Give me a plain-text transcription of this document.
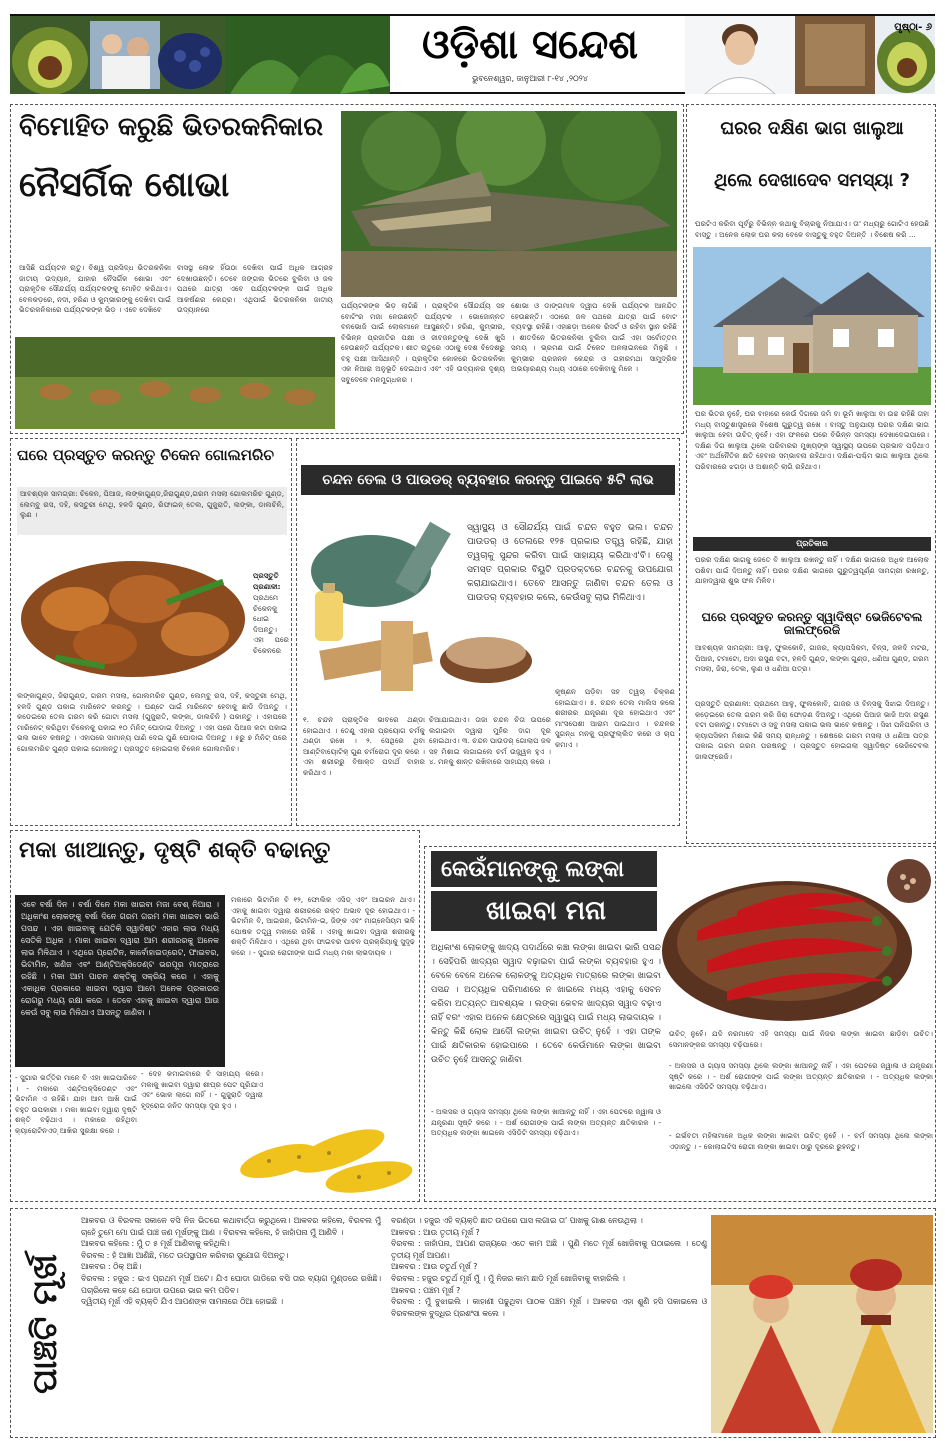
ଓଡ଼ିଶା ସନ୍ଦେଶ
ଭୁବନେଶ୍ୱର, ଜାନୁଆରୀ ୮-୧୪ ,୨୦୨୪
ପୃଷ୍ଠା- ୬
ବିମୋହିତ କରୁଛି ଭିତରକନିକାର
ନୈସର୍ଗିକ ଶୋଭା
ଆସିଛି ପର୍ଯ୍ୟଟନ ଋତୁ। ବିଶ୍ୱ ପ୍ରସିଦ୍ଧ ଭିତରକନିକା ଜାତୀୟ ଉଦ୍ୟାନ, ଯାହାର ନୈସର୍ଗିକ ଶୋଭା ଏବଂ ପ୍ରାକୃତିକ ସୌନ୍ଦର୍ଯ୍ୟ ପର୍ଯ୍ୟଟକଙ୍କୁ ମୋହିତ କରିଥାଏ। ବେଳକଡ଼ରେ, ନଦୀ, ହରିଣ ଓ କୁମ୍ଭୀରଙ୍କୁ ଦେଖିବା ପାଇଁ ଭିତରକନିକାରେ ପର୍ଯ୍ୟଟକଙ୍କ ଭିଡ଼ । ଏବେ ଦେଖିବେ
ବାସସ୍ଥ ଲୋକ ହିଁଉଠା ଦେଖିବା ପାଇଁ ଅଧିକ ଆଗ୍ରହ ଦେଖାଉଛନ୍ତି। ତେବେ ଜଙ୍ଗଲ ଭିତରେ ବୁଲିବା ଓ ଜଳ ପଥରେ ଯାତ୍ରା ଏବେ ପର୍ଯ୍ୟଟକଙ୍କ ପାଇଁ ଅଧିକ ଆକର୍ଷଣର କେନ୍ଦ୍ର। ଏଥିପାଇଁ ଭିତରକନିକା ଜାତୀୟ ଉଦ୍ୟାନରେ	ପର୍ଯ୍ୟଟକଙ୍କ ଭିଡ଼ ଲାଗିଛି । ପ୍ରାକୃତିକ ସୌନ୍ଦର୍ଯ୍ୟ ସହ ବୋଟିଂର ମଜା ନେଉଛନ୍ତି ପର୍ଯ୍ୟଟକ । ଭୋଜୋନ୍ନତ ବନଭୋଜି ପାଇଁ ଲୋକମାନେ ଆସୁଛନ୍ତି। ହରିଣ, କୁମ୍ଭୀର, ବିଭିନ୍ନ ପ୍ରଜାତିର ପକ୍ଷୀ ଓ ଜୀବଜନ୍ତୁଙ୍କୁ ଦେଖି ଖୁସି ହେଉଛନ୍ତି ପର୍ଯ୍ୟଟକ। ଶୀତ ଋତୁରେ ଏଠାକୁ ଦେଶ ବିଦେଶରୁ ବହୁ ପକ୍ଷୀ ଆସିଥାନ୍ତି । ପ୍ରକୃତିର କୋଳରେ ଭିତରକନିକା ଏକ ନିଆରା ଅନୁଭୂତି ଦେଇଥାଏ ଏବଂ ଏହି ଉଦ୍ୟାନର ଦୃଶ୍ୟ ସବୁବେଳେ ମନମୁଗ୍ଧକର ।
ଶୋଭା ଓ ଡାଙ୍ଗମାଳ ଦ୍ୱୀପ ଦେଖି ପର୍ଯ୍ୟଟକ ଆନନ୍ଦିତ ହେଉଛନ୍ତି। ଏଠାରେ ଜଳ ପଥରେ ଯାତ୍ରା ପାଇଁ ବୋଟ ବ୍ୟବସ୍ଥା ରହିଛି। ଏହାଛଡ଼ା ଅନେକ ରିସର୍ଟ ଓ ରହିବା ସ୍ଥାନ ରହିଛି । ଶୀତଦିନେ ଭିତରକନିକା ବୁଲିବା ପାଇଁ ଏହା ସର୍ବୋତ୍ତମ ସମୟ । ଭ୍ରମଣ ପାଇଁ ଟିକେଟ ଅନଲାଇନରେ ମିଳୁଛି । କୁମ୍ଭୀର ପ୍ରଜନନ କେନ୍ଦ୍ର ଓ ଗହୀରମଥା ସାମୁଦ୍ରିକ ଅଭୟାରଣ୍ୟ ମଧ୍ୟ ଏଠାରେ ଦେଖିବାକୁ ମିଳେ ।
ଘରର ଦକ୍ଷିଣ ଭାଗ ଖାଲୁଆ
ଥିଲେ ଦେଖାଦେବ ସମସ୍ୟା ?
ଘରଟିଏ କରିବା ପୂର୍ବରୁ ବିଭିନ୍ନ କଥାକୁ ବିଚାରକୁ ନିଆଯାଏ। ତା' ମଧ୍ୟରୁ ଗୋଟିଏ ହେଉଛି ବାସ୍ତୁ । ଅନେକ ଲୋକ ଘର କଲା ବେଳେ ବାସ୍ତୁକୁ ବହୁତ ଦିଅନ୍ତି । ବିଶେଷ କରି ...
ଘର ଭିତର ନୁହେଁ, ଘର ବାହାରେ କେଉଁ ଦିଗରେ ଜମି ବା ଭୂମି ଖାଲୁଆ ବା ଉଚ୍ଚ ରହିଛି ତାହା ମଧ୍ୟ ବାସ୍ତୁଶାସ୍ତ୍ରରେ ବିଶେଷ ଗୁରୁତ୍ୱ ରଖେ । ବାସ୍ତୁ ଅନୁଯାୟୀ ଘରର ଦକ୍ଷିଣ ଭାଗ ଖାଲୁଆ ହେବା ଉଚିତ୍ ନୁହେଁ। ଏହା ଫଳରେ ଘରେ ବିଭିନ୍ନ ସମସ୍ୟା ଦେଖାଦେଇପାରେ। ଦକ୍ଷିଣ ଦିଗ ଖାଲୁଆ ଥିଲେ ପରିବାରର ମୁଖ୍ୟଙ୍କ ସ୍ୱାସ୍ଥ୍ୟ ଉପରେ ପ୍ରଭାବ ପଡ଼ିଥାଏ ଏବଂ ଅର୍ଥନୈତିକ କ୍ଷତି ହେବାର ସମ୍ଭାବନା ରହିଥାଏ। ଦକ୍ଷିଣ-ପଶ୍ଚିମ ଭାଗ ଖାଲୁଆ ଥିଲେ ପରିବାରରେ ଝଗଡ଼ା ଓ ଅଶାନ୍ତି ଲାଗି ରହିଥାଏ।
ପ୍ରତିକାର
ଘରର ଦକ୍ଷିଣ ଭାଗକୁ ଜେତେ ବି ଖାଲୁଆ ରଖନ୍ତୁ ନାହିଁ । ଦକ୍ଷିଣ ଭାଗରେ ଅଧିକ ଆଲୋକ ପଶିବା ପାଇଁ ଦିଅନ୍ତୁ ନାହିଁ। ଘରର ଦକ୍ଷିଣ ଭାଗରେ ଗୁରୁତ୍ୱପୂର୍ଣ୍ଣ ସାମଗ୍ରୀ ରଖନ୍ତୁ, ଯାହାଦ୍ୱାରା ଶୁଭ ଫଳ ମିଳିବ।
ଘରେ ପ୍ରସ୍ତୁତ କରନ୍ତୁ ସ୍ୱାଦିଷ୍ଟ ଭେଜିଟେବଲ ଜାଲଫ୍ରେଜି
ଆବଶ୍ୟକ ସାମଗ୍ରୀ: ଆଳୁ, ଫୁଲକୋବି, ଗାଜର, କ୍ୟାପସିକମ, ବିନ୍ସ, ଜଳଦି ମଟର, ପିଆଜ, ଟମାଟୋ, ଅଦା ରସୁଣ ବଟା, ହଳଦି ଗୁଣ୍ଡ, ଲଙ୍କା ଗୁଣ୍ଡ, ଧଣିଆ ଗୁଣ୍ଡ, ଗରମ ମସଲା, ଜିରା, ତେଲ, ଲୁଣ ଓ ଧଣିଆ ପତ୍ର।
ପ୍ରସ୍ତୁତି ପ୍ରଣାଳୀ: ପ୍ରଥମେ ଆଳୁ, ଫୁଲକୋବି, ଗାଜର ଓ ବିନ୍ସକୁ ସିଝାଇ ଦିଅନ୍ତୁ। କଡ଼େଇରେ ତେଲ ଗରମ କରି ଜିରା ଫୋଡ଼ଣ ଦିଅନ୍ତୁ। ଏଥିରେ ପିଆଜ ଭାଜି ଅଦା ରସୁଣ ବଟା ପକାନ୍ତୁ। ଟମାଟୋ ଓ ସବୁ ମସଲା ପକାଇ ଭଲ ଭାବେ କଷନ୍ତୁ । ସିଝା ପନିପରିବା ଓ କ୍ୟାପସିକମ ମିଶାଇ କିଛି ସମୟ ରାନ୍ଧନ୍ତୁ । ଶେଷରେ ଗରମ ମସଲା ଓ ଧଣିଆ ପତ୍ର ପକାଇ ଗରମ ଗରମ ପରଷନ୍ତୁ । ପ୍ରସ୍ତୁତ ହୋଇଗଲା ସ୍ୱାଦିଷ୍ଟ ଭେଜିଟେବଲ ଜାଲଫ୍ରେଜି।
ଘରେ ପ୍ରସ୍ତୁତ କରନ୍ତୁ ଚିକେନ ଗୋଲମରିଚ
ଆବଶ୍ୟକ ସାମଗ୍ରୀ: ଚିକେନ, ପିଆଜ, ଲଙ୍କାଗୁଣ୍ଡ,ଜିରାଗୁଣ୍ଡ,ଗରମ ମସଲା ଗୋଲମରିଚ ଗୁଣ୍ଡ, ଲେମ୍ବୁ ରସ, ଦହି, କସ୍ତୁରୀ ମେଥି, ହଳଦି ଗୁଣ୍ଡ, ରିଫାଇନ୍ ତେଲ, ଗୁଜୁରାତି, ଲଙ୍କା, ଡାଲଚିନି, ଲୁଣ ।
ପ୍ରସ୍ତୁତି ପ୍ରଣାଳୀ:
ପ୍ରଥମେ ଚିକେନକୁ ଧୋଇ ଦିଅନ୍ତୁ। ଏହା ପରେ ଚିକେନରେ
ଲଙ୍କାଗୁଣ୍ଡ, ଜିରାଗୁଣ୍ଡ, ଗରମ ମସଲା, ଗୋଲମରିଚ ଗୁଣ୍ଡ, ଲେମ୍ବୁ ରସ, ଦହି, କସ୍ତୁରୀ ମେଥି, ହଳଦି ଗୁଣ୍ଡ ପକାଇ ମାରିନେଟ କରନ୍ତୁ । ଘଣ୍ଟେ ପାଇଁ ମାରିନେଟ ହେବାକୁ ଛାଡି ଦିଅନ୍ତୁ । କଡେଇରେ ତେଲ ଗରମ କରି ଗୋଟା ମସଲା (ଗୁଜୁରାତି, ଲଙ୍କା, ଡାଲଚିନି ) ପକାନ୍ତୁ । ଏହାପରେ ମାରିନେଟ୍ କରିଥିବା ଚିକେନକୁ ପକାଇ ୧୦ ମିନିଟ୍ ଘୋଡାଇ ଦିଅନ୍ତୁ । ଏହା ପରେ ପିଆଜ କଟା ପକାଇ ଭଲ ଭାବେ କଷନ୍ତୁ । ଏହାପରେ ସାମାନ୍ୟ ପାଣି ଦେଇ ପୁଣି ଘୋଡାଇ ଦିଅନ୍ତୁ । ୫ରୁ ୭ ମିନିଟ୍ ପରେ ଗୋଲମରିଚ ଗୁଣ୍ଡ ପକାଇ ଗୋଳାନ୍ତୁ। ପ୍ରସ୍ତୁତ ହୋଇଗଲା ଚିକେନ ଗୋଲମରିଚ।
ଚନ୍ଦନ ତେଲ ଓ ପାଉଡର୍ ବ୍ୟବହାର କରନ୍ତୁ ପାଇବେ ୫ଟି ଲାଭ
ସ୍ୱାସ୍ଥ୍ୟ ଓ ସୌନ୍ଦର୍ଯ୍ୟ ପାଇଁ ଚନ୍ଦନ ବହୁତ ଭଲ। ଚନ୍ଦନ ପାଉଡର୍ ଓ ତେଲରେ ୧୨୫ ପ୍ରକାର ତତ୍ତ୍ୱ ରହିଛି, ଯାହା ତ୍ୱଚାକୁ ସୁନ୍ଦର କରିବା ପାଇଁ ସାହାଯ୍ୟ କରିଥାଏ'ବି। ଦେଶୁ ସମସ୍ତ ପ୍ରକାର ବିୟୁଟି ପ୍ରଡକ୍ଟରେ ଚନ୍ଦନକୁ ଉପଯୋଗ କରାଯାଇଥାଏ। ତେବେ ଆସନ୍ତୁ ଜାଣିବା ଚନ୍ଦନ ତେଲ ଓ ପାଉଡର୍ ବ୍ୟବହାର କଲେ, କେଉଁସବୁ ଲାଭ ମିଳିଥାଏ।
୧. ଚନ୍ଦନ ପ୍ରାକୃତିକ ଭାବରେ ଥଣ୍ଡା ହୋଇଥାଏ । ତେଣୁ ଏହାର ପ୍ରୟୋଗ ଚର୍ମକୁ ଥଣ୍ଡା ରଖେ । ୨. ସେଥିରେ ଥିବା ଆଣ୍ଟିବାୟୋଟିକ୍ ଗୁଣ ଚର୍ମରୋଗ ଦୂର କରେ । ଏହା ଶରୀରରୁ ବିଷାକ୍ତ ପଦାର୍ଥ ବାହାର କରିଥାଏ ।
ଚିଆଯାଇଥାଏ। ତାଜା ଚନ୍ଦନ ଚିତା ଉପରେ ଲଗାଇବା ଦ୍ୱାରା ମୁହଁର ଦାଗ ଦୂର ହୋଇଥାଏ। ୩. ଚନ୍ଦନ ପାଉଡର୍ ଗୋଲାପ ଜଳ ସହ ମିଶାଇ ଲଗାଇଲେ ଚର୍ମ ଉଜ୍ଜ୍ୱଳ ହୁଏ । ୪. ମନକୁ ଶାନ୍ତ ରଖିବାରେ ସାହାଯ୍ୟ କରେ ।
କୃଷ୍ଣନ ପଡ଼ିବା ସହ ତ୍ୱଚା ଚିକ୍କଣ ହୋଇଯାଏ। ୫. ଚନ୍ଦନ ତେଲ ମାଲିସ କଲେ ଶରୀରର ଯନ୍ତ୍ରଣା ଦୂର ହୋଇଥାଏ ଏବଂ ମାଂସପେଶୀ ଆରାମ ପାଇଥାଏ । ଚନ୍ଦନର ସୁଗନ୍ଧ ମନକୁ ପ୍ରଫୁଲ୍ଲିତ କରେ ଓ ଚାପ କମାଏ ।
ମକା ଖାଆନ୍ତୁ, ଦୃଷ୍ଟି ଶକ୍ତି ବଢାନ୍ତୁ
ଏବେ ବର୍ଷା ଦିନ । ବର୍ଷା ଦିନେ ମକା ଖାଇବା ମଜା ବେଶ୍ ନିଆରା । ଅଧିକାଂଶ ଲୋକଙ୍କୁ ବର୍ଷା ଦିନେ ଗରମ ଗରମ ମକା ଖାଇବା ଭାରି ପସନ୍ଦ । ଏହା ଖାଇବାକୁ ଯେତିକି ସ୍ୱାଦିଷ୍ଟ ଏହାର ଲାଭ ମଧ୍ୟ ସେତିକି ଅଧିକ । ମାକା ଖାଇବା ଦ୍ୱାରା ଆମ ଶରୀରରକୁ ଅନେକ ଲାଭ ମିଳିଥାଏ । ଏଥିରେ ପ୍ରୋଟିନ, କାର୍ବୋହାଇଡ୍ରେଟ, ଫାଇବର, ଭିଟାମିନ, ଖଣିଜ ଏବଂ ଆଣ୍ଟିଅକ୍ସିଡେଣ୍ଟ ଭରପୂର ମାତ୍ରାରେ ରହିଛି । ମକା ଆମ ପାଚନ ଶକ୍ତିକୁ ସକ୍ରିୟ କରେ । ଏହାକୁ ଏକାଧିକ ପ୍ରକାରେ ଖାଇବା ଦ୍ୱାରା ଆମେ ଅନେକ ପ୍ରକାରର ରୋଗରୁ ମଧ୍ୟ ରକ୍ଷା କରେ । ତେବେ ଏହାକୁ ଖାଇବା ଦ୍ୱାରା ଆଉ କେଉଁ ସବୁ ଲାଭ ମିଳିଥାଏ ଆସନ୍ତୁ ଜାଣିବା ।
ମକାରେ ଭିଟାମିନ ବି ୧୨, ଫୋଲିକ ଏସିଡ୍ ଏବଂ ଆଇରନ ଥାଏ। ଏହାକୁ ଖାଇବା ଦ୍ୱାରା ଶରୀରରେ ରକ୍ତ ଅଭାବ ଦୂର ହୋଇଥାଏ। - ଭିଟାମିନ ବି, ଆଇରନ, ଭିଟାମିନ-ଇ, ଜିଙ୍କ ଏବଂ ମାଗ୍ନେସିୟମ ଭଳି ପୋଷକ ତତ୍ତ୍ୱ ମକାରେ ରହିଛି । ଏହାକୁ ଖାଇବା ଦ୍ୱାରା ଶରୀରକୁ ଶକ୍ତି ମିଳିଥାଏ । ଏଥିରେ ଥିବା ଫାଇବର ପାଚନ ପ୍ରକ୍ରିୟାକୁ ସୁଦୃଢ କରେ । - ସୁଗାର ରୋଗୀଙ୍କ ପାଇଁ ମଧ୍ୟ ମକା ଲାଭଦାୟକ ।
- ସୁଗାର ଭର୍ତ୍ତିର ମାନେ ବି ଏହା ଖାଇପାରିବେ । - ମକାରେ ଏଣ୍ଟିଅକ୍ସିଡେଣ୍ଟ ଏବଂ ଭିଟାମିନ ଏ ରହିଛି। ଯାହା ଆମ ଆଖି ପାଇଁ ବହୁତ ଉପକାରୀ । ମକା ଖାଇବା ଦ୍ୱାରା ଦୃଷ୍ଟି ଶକ୍ତି ବଢ଼ିଥାଏ । ମକାରେ ରହିଥିବା କ୍ୟାରୋଟିନଏଡ୍ ଆଖିର ସୁରକ୍ଷା କରେ ।
- ଦେହ କମାଇବାରେ ବି ସାହାଯ୍ୟ କରେ। ମକାକୁ ଖାଇବା ଦ୍ୱାରା ଶୀଘ୍ର ପେଟ ପୂରିଯାଏ ଏବଂ ଭୋକ ଲାଗେ ନାହିଁ । - ଗୁଜୁରାତି ଦ୍ୱାରା ହୃଦ୍‌ରୋଗ ଜନିତ ସମସ୍ୟା ଦୂର ହୁଏ ।
କେଉଁମାନଙ୍କୁ ଲଙ୍କା
ଖାଇବା ମନା
ଅଧିକାଂଶ ଲୋକଙ୍କୁ ଖାଦ୍ୟ ପଦାର୍ଥରେ କଞ୍ଚା ଲଙ୍କା ଖାଇବା ଭାରି ପସନ୍ଦ । ସେହିପରି ଖାଦ୍ୟର ସ୍ୱାଦ ବଢ଼ାଇବା ପାଇଁ ଲଙ୍କା ବ୍ୟବହାର ହୁଏ । ବେଳେ ବେଳେ ଅନେକ ଲୋକଙ୍କୁ ଅତ୍ୟଧିକ ମାତ୍ରାରେ ଲଙ୍କା ଖାଇବା ପସନ୍ଦ । ଅତ୍ୟଧିକ ପରିମାଣରେ ନ ଖାଇଲେ ମଧ୍ୟ ଏହାକୁ ସେବନ କରିବା ଅତ୍ୟନ୍ତ ଆବଶ୍ୟକ । ଲଙ୍କା କେବଳ ଖାଦ୍ୟର ସ୍ୱାଦ ବଢ଼ାଏ ନାହିଁ ବରଂ ଏହାର ଅନେକ କ୍ଷେତ୍ରରେ ସ୍ୱାସ୍ଥ୍ୟ ପାଇଁ ମଧ୍ୟ ଲାଭଦାୟକ । କିନ୍ତୁ କିଛି ଲୋକ ଆଦୌ ଲଙ୍କା ଖାଇବା ଉଚିତ୍ ନୁହେଁ । ଏହା ତାଙ୍କ ପାଇଁ କ୍ଷତିକାରକ ହୋଇପାରେ । ତେବେ କେଉଁମାନେ ଲଙ୍କା ଖାଇବା ଉଚିତ ନୁହେଁ ଆସନ୍ତୁ ଜାଣିବା
ଉଚିତ୍ ନୁହେଁ। ଯଦି ନରମାଦେ ଏହି ସମସ୍ୟା ପାଇଁ ନିଜର ଲଙ୍କା ଖାଇବା ଛାଡ଼ିବା ଉଚିତ। ସେମାନଙ୍କର ସମସ୍ୟା ବଢ଼ିପାରେ।
- ଅଲସର ଓ ଗ୍ୟାସ ସମସ୍ୟା ଥିଲେ ଲଙ୍କା ଖାଆନ୍ତୁ ନାହିଁ । ଏହା ପେଟରେ ଜ୍ୱାଳା ଓ ଯନ୍ତ୍ରଣା ସୃଷ୍ଟି କରେ । - ଅର୍ଶ ରୋଗୀଙ୍କ ପାଇଁ ଲଙ୍କା ଅତ୍ୟନ୍ତ କ୍ଷତିକାରକ । - ଅତ୍ୟଧିକ ଲଙ୍କା ଖାଇଲେ ଏସିଡିଟି ସମସ୍ୟା ବଢ଼ିଥାଏ।
- ଗର୍ଭବତୀ ମହିଳାମାନେ ଅଧିକ ଲଙ୍କା ଖାଇବା ଉଚିତ୍ ନୁହେଁ । - ଚର୍ମ ସମସ୍ୟା ଥିଲେ ଲଙ୍କା ଏଡ଼ାନ୍ତୁ । - କୋଲାଇଟିସ ରୋଗୀ ଲଙ୍କା ଖାଇବା ଠାରୁ ଦୂରରେ ରୁହନ୍ତୁ।
- ଅଲସର ଓ ଗ୍ୟାସ ସମସ୍ୟା ଥିଲେ ଲଙ୍କା ଖାଆନ୍ତୁ ନାହିଁ । ଏହା ପେଟରେ ଜ୍ୱାଳା ଓ ଯନ୍ତ୍ରଣା ସୃଷ୍ଟି କରେ । - ଅର୍ଶ ରୋଗୀଙ୍କ ପାଇଁ ଲଙ୍କା ଅତ୍ୟନ୍ତ କ୍ଷତିକାରକ । - ଅତ୍ୟଧିକ ଲଙ୍କା ଖାଇଲେ ଏସିଡିଟି ସମସ୍ୟା ବଢ଼ିଥାଏ।
ପାଞ୍ଚଟି ମୂର୍ଖ
ଆକବର ଓ ବିରବଲ ସକାଳେ ବସି ନିଜ ଭିତରେ କଥାବାର୍ତ୍ତା କରୁଥିଲେ। ଆକବର କହିଲେ, ବିରବଲ ମୁଁ ଚାହେଁ ତୁମେ ମୋ ପାଇଁ ପାଞ୍ଚ ଜଣ ମୂର୍ଖଙ୍କୁ ଆଣ । ବିରବଲ କହିଲେ, ହଁ ଜାହାଁପନା ମୁଁ ଆଣିବି ।
ଆକବର କହିଲେ : ମୁଁ ତ ୫ ମୂର୍ଖ ଆଣିବାକୁ କହିଥିଲି।
ବିରବଲ : ହଁ ଆଜ୍ଞା ଆଣିଛି, ମତେ ଉପସ୍ଥାପନ କରିବାର ସୁଯୋଗ ଦିଅନ୍ତୁ।
ଆକବର : ଠିକ୍ ଅଛି।
ବିରବଲ : ହଜୁର : ଇଏ ପ୍ରଥମ ମୂର୍ଖ ଅଟେ। ଯିଏ ଘୋଡା ଗାଡିରେ ବସି ତାର ବ୍ୟାଗ ମୁଣ୍ଡରେ ରଖିଛି। ପଚାରିଲେ କହେ ଯେ ଘୋଡା ଉପରେ ଭାର କମ ପଡିବ।
ଦ୍ୱିତୀୟ ମୂର୍ଖ ଏହି ବ୍ୟକ୍ତି ଯିଏ ଆପଣଙ୍କ ସାମନାରେ ଠିଆ ହୋଇଛି ।
ବରଣ୍ଡା । ହଜୁର ଏହି ବ୍ୟକ୍ତି ଛାତ ଉପରେ ଘାସ ଲଗାଇ ତା' ପାଖକୁ ଗାଈ ନେଉଥିଲା ।
ଆକବର : ଆଉ ତୃତୀୟ ମୂର୍ଖ ?
ବିରବଲ : ଜାହାଁପନା, ଆପଣ ରାଜ୍ୟରେ ଏତେ କାମ ଅଛି । ପୁଣି ମତେ ମୂର୍ଖ ଖୋଜିବାକୁ ପଠାଇଲେ । ତେଣୁ ତୃତୀୟ ମୂର୍ଖ ଆପଣ।
ଆକବର : ଆଉ ଚତୁର୍ଥ ମୂର୍ଖ ?
ବିରବଲ : ହଜୁର ଚତୁର୍ଥ ମୂର୍ଖ ମୁଁ । ମୁଁ ନିଜର କାମ ଛାଡି ମୂର୍ଖ ଖୋଜିବାକୁ ବାହାରିଲି ।
ଆକବର : ପଞ୍ଚମ ମୂର୍ଖ ?
ବିରବଲ : ମୁଁ ବୁଝାଇଲି । କାହାଣୀ ପଢୁଥିବା ପାଠକ ପଞ୍ଚମ ମୂର୍ଖ । ଆକବର ଏହା ଶୁଣି ହସି ପକାଇଲେ ଓ ବିରବଲଙ୍କ ବୁଦ୍ଧିର ପ୍ରଶଂସା କଲେ ।
